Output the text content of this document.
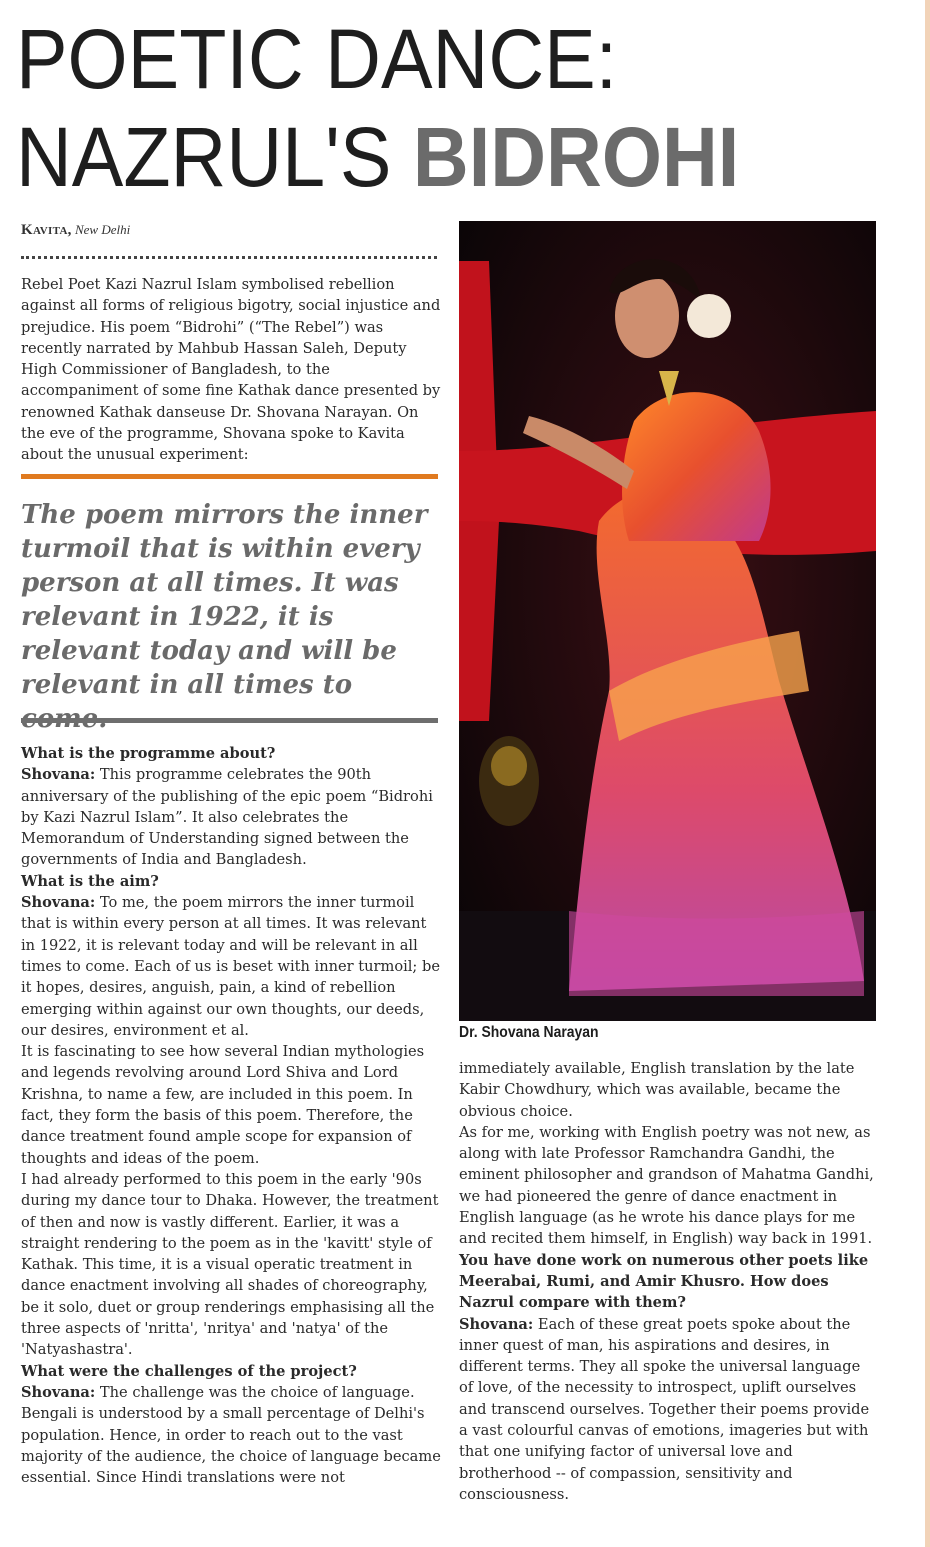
POETIC DANCE:
NAZRUL'S BIDROHI
Kavita, New Delhi
Rebel Poet Kazi Nazrul Islam symbolised rebellion against all forms of religious bigotry, social injustice and prejudice. His poem “Bidrohi” (“The Rebel”) was recently narrated by Mahbub Hassan Saleh, Deputy High Commissioner of Bangladesh, to the accompaniment of some fine Kathak dance presented by renowned Kathak danseuse Dr. Shovana Narayan. On the eve of the programme, Shovana spoke to Kavita about the unusual experiment:

The poem mirrors the inner turmoil that is within every person at all times. It was relevant in 1922, it is relevant today and will be relevant in all times to

What is the programme about?

Shovana: This programme celebrates the 90th anniversary of the publishing of the epic poem “Bidrohi by Kazi Nazrul Islam”. It also celebrates the Memorandum of Understanding signed between the governments of India and Bangladesh.

What is the aim?

Shovana: To me, the poem mirrors the inner turmoil that is within every person at all times. It was relevant in 1922, it is relevant today and will be relevant in all times to come. Each of us is beset with inner turmoil; be it hopes, desires, anguish, pain, a kind of rebellion emerging within against our own thoughts, our deeds, our desires, environment et al.

It is fascinating to see how several Indian mythologies and legends revolving around Lord Shiva and Lord Krishna, to name a few, are included in this poem. In fact, they form the basis of this poem. Therefore, the dance treatment found ample scope for expansion of thoughts and ideas of the poem.

I had already performed to this poem in the early '90s during my dance tour to Dhaka. However, the treatment of then and now is vastly different. Earlier, it was a straight rendering to the poem as in the 'kavitt' style of Kathak. This time, it is a visual operatic treatment in dance enactment involving all shades of choreography, be it solo, duet or group renderings emphasising all the three aspects of 'nritta', 'nritya' and 'natya' of the 'Natyashastra'.

What were the challenges of the project?

Shovana: The challenge was the choice of language. Bengali is understood by a small percentage of Delhi's population. Hence, in order to reach out to the vast majority of the audience, the choice of language became essential. Since Hindi translations were not

Dr. Shovana Narayan

immediately available, English translation by the late Kabir Chowdhury, which was available, became the obvious choice.

As for me, working with English poetry was not new, as along with late Professor Ramchandra Gandhi, the eminent philosopher and grandson of Mahatma Gandhi, we had pioneered the genre of dance enactment in English language (as he wrote his dance plays for me and recited them himself, in English) way back in 1991.

You have done work on numerous other poets like Meerabai, Rumi, and Amir Khusro. How does Nazrul compare with them?

Shovana: Each of these great poets spoke about the inner quest of man, his aspirations and desires, in different terms. They all spoke the universal language of love, of the necessity to introspect, uplift ourselves and transcend ourselves. Together their poems provide a vast colourful canvas of emotions, imageries but with that one unifying factor of universal love and brotherhood -- of compassion, sensitivity and consciousness.
